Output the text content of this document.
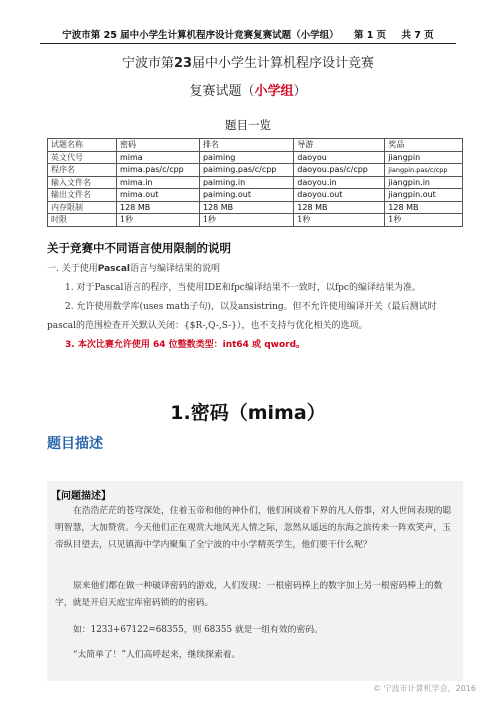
宁波市第 25 届中小学生计算机程序设计竞赛复赛试题（小学组） 第 1 页 共 7 页
宁波市第23届中小学生计算机程序设计竞赛
复赛试题（小学组）
题目一览
试题名称	密码	排名	导游	奖品
英文代号	mima	paiming	daoyou	jiangpin
程序名	mima.pas/c/cpp	paiming.pas/c/cpp	daoyou.pas/c/cpp	jiangpin.pas/c/cpp
输入文件名	mima.in	paiming.in	daoyou.in	jiangpin.in
输出文件名	mima.out	paiming.out	daoyou.out	jiangpin.out
内存限制	128 MB	128 MB	128 MB	128 MB
时限	1秒	1秒	1秒	1秒
关于竞赛中不同语言使用限制的说明
一. 关于使用Pascal语言与编译结果的说明
1. 对于Pascal语言的程序，当使用IDE和fpc编译结果不一致时，以fpc的编译结果为准。
2. 允许使用数学库(uses math子句)，以及ansistring。但不允许使用编译开关（最后测试时pascal的范围检查开关默认关闭：{$R-,Q-,S-}），也不支持与优化相关的选项。
3. 本次比赛允许使用 64 位整数类型：int64 或 qword。
1.密码（mima）
题目描述
【问题描述】
在浩浩茫茫的苍穹深处，住着玉帝和他的神仆们，他们闲谈着下界的凡人俗事，对人世间表现的聪明智慧，大加赞赏。今天他们正在观赏大地风光人情之际，忽然从遥远的东海之滨传来一阵欢笑声，玉帝纵目望去，只见镇海中学内聚集了全宁波的中小学精英学生，他们要干什么呢？
原来他们都在做一种破译密码的游戏，人们发现：一根密码棒上的数字加上另一根密码棒上的数字，就是开启天庭宝库密码锁的的密码。
如：1233+67122=68355，则 68355 就是一组有效的密码。
“太简单了！”人们高呼起来，继续探索着。
© 宁波市计算机学会，2016
